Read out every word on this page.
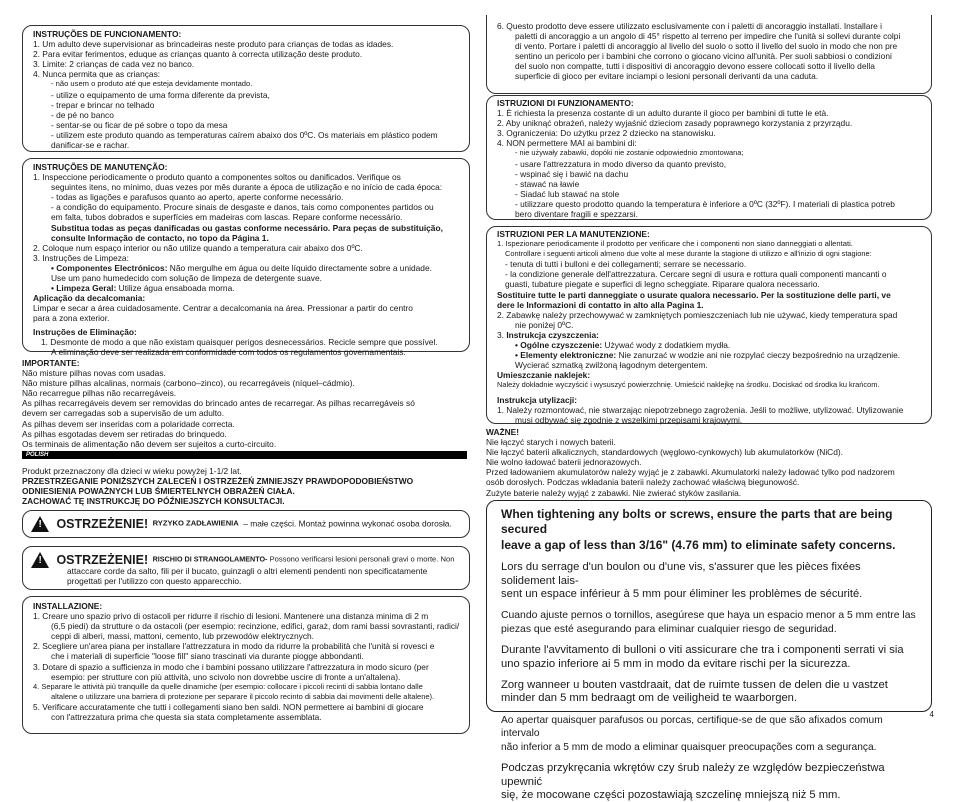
INSTRUÇÕES DE FUNCIONAMENTO:
1. Um adulto deve supervisionar as brincadeiras neste produto para crianças de todas as idades.
2. Para evitar ferimentos, eduque as crianças quanto à correcta utilização deste produto.
3. Limite: 2 crianças de cada vez no banco.
4. Nunca permita que as crianças:
- não usem o produto até que esteja devidamente montado.
- utilize o equipamento de uma forma diferente da prevista,
- trepar e brincar no telhado
- de pé no banco
- sentar-se ou ficar de pé sobre o topo da mesa
- utilizem este produto quando as temperaturas caírem abaixo dos 0ºC. Os materiais em plástico podem
danificar-se e rachar.
INSTRUÇÕES DE MANUTENÇÃO:
1. Inspeccione periodicamente o produto quanto a componentes soltos ou danificados. Verifique os
seguintes itens, no mínimo, duas vezes por mês durante a época de utilização e no início de cada época:
- todas as ligações e parafusos quanto ao aperto, aperte conforme necessário.
- a condição do equipamento. Procure sinais de desgaste e danos, tais como componentes partidos ou
em falta, tubos dobrados e superfícies em madeiras com lascas. Repare conforme necessário.
Substitua todas as peças danificadas ou gastas conforme necessário. Para peças de substituição,
consulte Informação de contacto, no topo da Página 1.
2. Coloque num espaço interior ou não utilize quando a temperatura cair abaixo dos 0ºC.
3. Instruções de Limpeza:
• Componentes Electrónicos: Não mergulhe em água ou deite líquido directamente sobre a unidade.
Use um pano humedecido com solução de limpeza de detergente suave.
• Limpeza Geral: Utilize água ensaboada morna.
Aplicação da decalcomania:
Limpar e secar a área cuidadosamente. Centrar a decalcomania na área. Pressionar a partir do centro
para a zona exterior.
Instruções de Eliminação:
1. Desmonte de modo a que não existam quaisquer perigos desnecessários. Recicle sempre que possível.
A eliminação deve ser realizada em conformidade com todos os regulamentos governamentais.
IMPORTANTE:
Não misture pilhas novas com usadas.
Não misture pilhas alcalinas, normais (carbono–zinco), ou recarregáveis (níquel–cádmio).
Não recarregue pilhas não recarregáveis.
As pilhas recarregáveis devem ser removidas do brincado antes de recarregar. As pilhas recarregáveis só
devem ser carregadas sob a supervisão de um adulto.
As pilhas devem ser inseridas com a polaridade correcta.
As pilhas esgotadas devem ser retiradas do brinquedo.
Os terminais de alimentação não devem ser sujeitos a curto-circuito.
POLISH
Produkt przeznaczony dla dzieci w wieku powyżej 1-1/2 lat.
PRZESTRZEGANIE PONIŻSZYCH ZALECEŃ I OSTRZEŻEŃ ZMNIEJSZY PRAWDOPODOBIEŃSTWO
ODNIESIENIA POWAŻNYCH LUB ŚMIERTELNYCH OBRAŻEŃ CIAŁA.
ZACHOWAĆ TĘ INSTRUKCJĘ DO PÓŹNIEJSZYCH KONSULTACJI.
! OSTRZEŻENIE! RYZYKO ZADŁAWIENIA – małe części. Montaż powinna wykonać osoba dorosła.
! OSTRZEŻENIE! RISCHIO DI STRANGOLAMENTO- Possono verificarsi lesioni personali gravi o morte. Non
attaccare corde da salto, fili per il bucato, guinzagli o altri elementi pendenti non specificatamente
progettati per l'utilizzo con questo apparecchio.
INSTALLAZIONE:
1. Creare uno spazio privo di ostacoli per ridurre il rischio di lesioni. Mantenere una distanza minima di 2 m
(6,5 piedi) da strutture o da ostacoli (per esempio: recinzione, edifici, garaż, dom rami bassi sovrastanti, radici/
ceppi di alberi, massi, mattoni, cemento, lub przewodów elektrycznych.
2. Scegliere un'area piana per installare l'attrezzatura in modo da ridurre la probabilità che l'unità si rovesci e
che i materiali di superficie "loose fill" siano trascinati via durante piogge abbondanti.
3. Dotare di spazio a sufficienza in modo che i bambini possano utilizzare l'attrezzatura in modo sicuro (per
esempio: per strutture con più attività, uno scivolo non dovrebbe uscire di fronte a un'altalena).
4. Separare le attività più tranquille da quelle dinamiche (per esempio: collocare i piccoli recinti di sabbia lontano dalle
altalene o utilizzare una barriera di protezione per separare il piccolo recinto di sabbia dai movimenti delle altalene).
5. Verificare accuratamente che tutti i collegamenti siano ben saldi. NON permettere ai bambini di giocare
con l'attrezzatura prima che questa sia stata completamente assemblata.
6. Questo prodotto deve essere utilizzato esclusivamente con i paletti di ancoraggio installati. Installare i
paletti di ancoraggio a un angolo di 45° rispetto al terreno per impedire che l'unità si sollevi durante colpi
di vento. Portare i paletti di ancoraggio al livello del suolo o sotto il livello del suolo in modo che non pre
sentino un pericolo per i bambini che corrono o giocano vicino all'unità. Per suoli sabbiosi o condizioni
del suolo non compatte, tutti i dispositivi di ancoraggio devono essere collocati sotto il livello della
superficie di gioco per evitare inciampi o lesioni personali derivanti da una caduta.
ISTRUZIONI DI FUNZIONAMENTO:
1. È richiesta la presenza costante di un adulto durante il gioco per bambini di tutte le età.
2. Aby uniknąć obrażeń, należy wyjaśnić dzieciom zasady poprawnego korzystania z przyrządu.
3. Ograniczenia: Do użytku przez 2 dziecko na stanowisku.
4. NON permettere MAI ai bambini di:
- nie używały zabawki, dopóki nie zostanie odpowiednio zmontowana;
- usare l'attrezzatura in modo diverso da quanto previsto,
- wspinać się i bawić na dachu
- stawać na ławie
- Siadać lub stawać na stole
- utilizzare questo prodotto quando la temperatura è inferiore a 0ºC (32ºF). I materiali di plastica potreb
bero diventare fragili e spezzarsi.
ISTRUZIONI PER LA MANUTENZIONE:
1. Ispezionare periodicamente il prodotto per verificare che i componenti non siano danneggiati o allentati.
Controllare i seguenti articoli almeno due volte al mese durante la stagione di utilizzo e all'inizio di ogni stagione:
- tenuta di tutti i bulloni e dei collegamenti; serrare se necessario.
- la condizione generale dell'attrezzatura. Cercare segni di usura e rottura quali componenti mancanti o
guasti, tubature piegate e superfici di legno scheggiate. Riparare qualora necessario.
Sostituire tutte le parti danneggiate o usurate qualora necessario. Per la sostituzione delle parti, ve
dere le Informazioni di contatto in alto alla Pagina 1.
2. Zabawkę należy przechowywać w zamkniętych pomieszczeniach lub nie używać, kiedy temperatura spad
nie poniżej 0ºC.
3. Instrukcja czyszczenia:
• Ogólne czyszczenie: Używać wody z dodatkiem mydła.
• Elementy elektroniczne: Nie zanurzać w wodzie ani nie rozpylać cieczy bezpośrednio na urządzenie.
Wycierać szmatką zwilżoną łagodnym detergentem.
Umieszczanie naklejek:
Należy dokładnie wyczyścić i wysuszyć powierzchnię. Umieścić naklejkę na środku. Dociskać od środka ku krańcom.
Instrukcja utylizacji:
1. Należy rozmontować, nie stwarzając niepotrzebnego zagrożenia. Jeśli to możliwe, utylizować. Utylizowanie
musi odbywać się zgodnie z wszelkimi przepisami krajowymi.
WAŻNE!
Nie łączyć starych i nowych baterii.
Nie łączyć baterii alkalicznych, standardowych (węglowo-cynkowych) lub akumulatorków (NiCd).
Nie wolno ładować baterii jednorazowych.
Przed ładowaniem akumulatorów należy wyjąć je z zabawki. Akumulatorki należy ładować tylko pod nadzorem
osób dorosłych. Podczas wkładania baterii należy zachować właściwą biegunowość.
Zużyte baterie należy wyjąć z zabawki. Nie zwierać styków zasilania.
When tightening any bolts or screws, ensure the parts that are being secured
leave a gap of less than 3/16" (4.76 mm) to eliminate safety concerns.
Lors du serrage d'un boulon ou d'une vis, s'assurer que les pièces fixées solidement lais-
sent un espace inférieur à 5 mm pour éliminer les problèmes de sécurité.
Cuando ajuste pernos o tornillos, asegúrese que haya un espacio menor a 5 mm entre las
piezas que esté asegurando para eliminar cualquier riesgo de seguridad.
Durante l'avvitamento di bulloni o viti assicurare che tra i componenti serrati vi sia
uno spazio inferiore ai 5 mm in modo da evitare rischi per la sicurezza.
Zorg wanneer u bouten vastdraait, dat de ruimte tussen de delen die u vastzet
minder dan 5 mm bedraagt om de veiligheid te waarborgen.
Ao apertar quaisquer parafusos ou porcas, certifique-se de que são afixados comum intervalo
não inferior a 5 mm de modo a eliminar quaisquer preocupações com a segurança.
Podczas przykręcania wkrętów czy śrub należy ze względów bezpieczeństwa upewnić
się, że mocowane części pozostawiają szczelinę mniejszą niż 5 mm.
4
